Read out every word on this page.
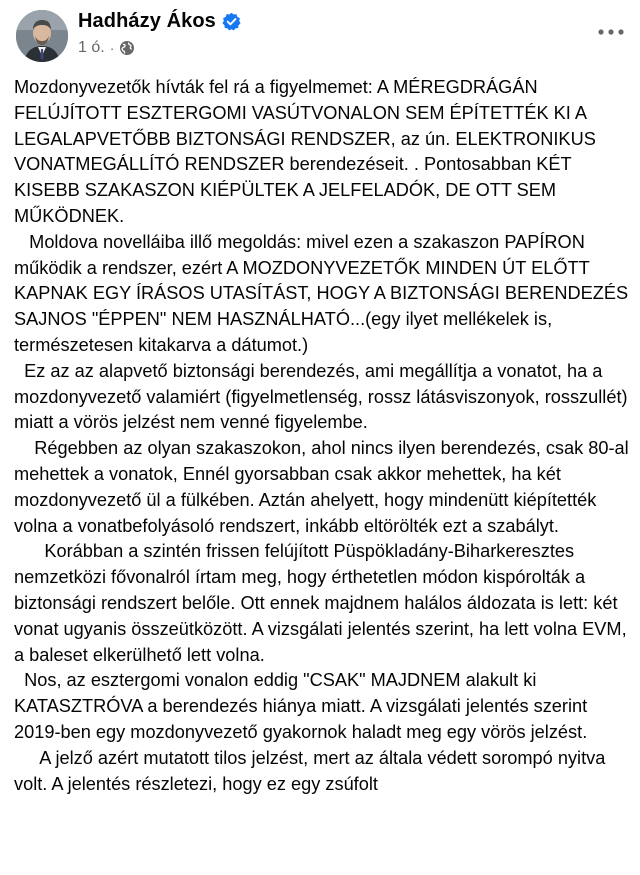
Hadházy Ákos
1 ó. ·

Mozdonyvezetők hívták fel rá a figyelmemet: A MÉREGDRÁGÁN FELÚJÍTOTT ESZTERGOMI VASÚTVONALON SEM ÉPÍTETTÉK KI A LEGALAPVETŐBB BIZTONSÁGI RENDSZER, az ún. ELEKTRONIKUS VONATMEGÁLLÍTÓ RENDSZER berendezéseit. . Pontosabban KÉT KISEBB SZAKASZON KIÉPÜLTEK A JELFELADÓK, DE OTT SEM MŰKÖDNEK.

Moldova novelláiba illő megoldás: mivel ezen a szakaszon PAPÍRON működik a rendszer, ezért A MOZDONYVEZETŐK MINDEN ÚT ELŐTT KAPNAK EGY ÍRÁSOS UTASÍTÁST, HOGY A BIZTONSÁGI BERENDEZÉS SAJNOS "ÉPPEN" NEM HASZNÁLHATÓ...(egy ilyet mellékelek is, természetesen kitakarva a dátumot.)

Ez az az alapvető biztonsági berendezés, ami megállítja a vonatot, ha a mozdonyvezető valamiért (figyelmetlenség, rossz látásviszonyok, rosszullét) miatt a vörös jelzést nem venné figyelembe.

Régebben az olyan szakaszokon, ahol nincs ilyen berendezés, csak 80-al mehettek a vonatok, Ennél gyorsabban csak akkor mehettek, ha két mozdonyvezető ül a fülkében. Aztán ahelyett, hogy mindenütt kiépítették volna a vonatbefolyásoló rendszert, inkább eltörölték ezt a szabályt.

Korábban a szintén frissen felújított Püspökladány-Biharkeresztes nemzetközi fővonalról írtam meg, hogy érthetetlen módon kispórolták a biztonsági rendszert belőle. Ott ennek majdnem halálos áldozata is lett: két vonat ugyanis összeütközött. A vizsgálati jelentés szerint, ha lett volna EVM, a baleset elkerülhető lett volna.

Nos, az esztergomi vonalon eddig "CSAK" MAJDNEM alakult ki KATASZTRÓVA a berendezés hiánya miatt. A vizsgálati jelentés szerint 2019-ben egy mozdonyvezető gyakornok haladt meg egy vörös jelzést.

A jelző azért mutatott tilos jelzést, mert az általa védett sorompó nyitva volt. A jelentés részletezi, hogy ez egy zsúfolt
